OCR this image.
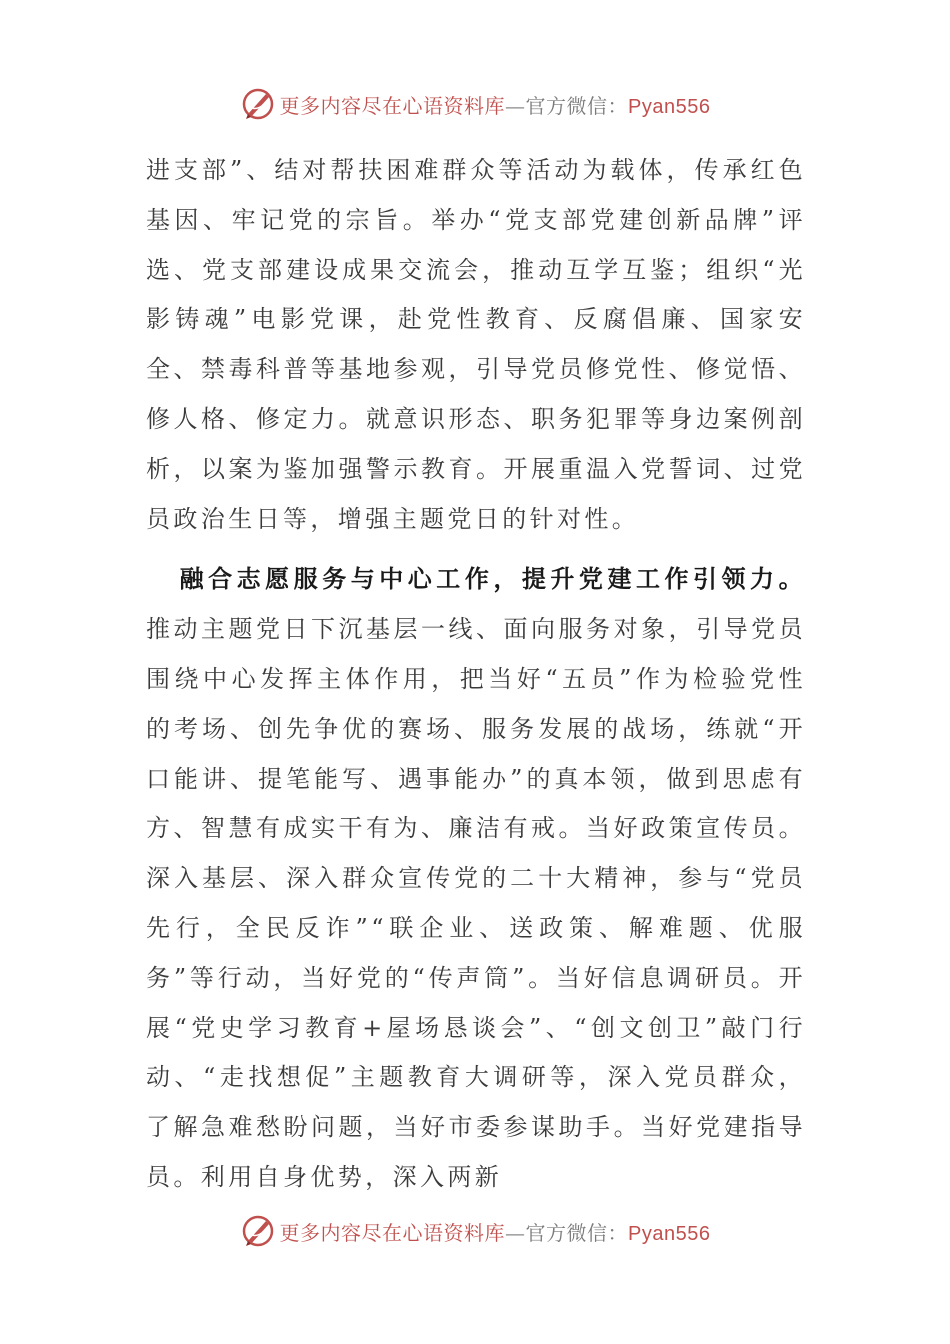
更多内容尽在心语资料库—官方微信：Pyan556

进支部”、结对帮扶困难群众等活动为载体，传承红色基因、牢记党的宗旨。举办“党支部党建创新品牌”评选、党支部建设成果交流会，推动互学互鉴；组织“光影铸魂”电影党课，赴党性教育、反腐倡廉、国家安全、禁毒科普等基地参观，引导党员修党性、修觉悟、修人格、修定力。就意识形态、职务犯罪等身边案例剖析，以案为鉴加强警示教育。开展重温入党誓词、过党员政治生日等，增强主题党日的针对性。

融合志愿服务与中心工作，提升党建工作引领力。推动主题党日下沉基层一线、面向服务对象，引导党员围绕中心发挥主体作用，把当好“五员”作为检验党性的考场、创先争优的赛场、服务发展的战场，练就“开口能讲、提笔能写、遇事能办”的真本领，做到思虑有方、智慧有成实干有为、廉洁有戒。当好政策宣传员。深入基层、深入群众宣传党的二十大精神，参与“党员先行，全民反诈”“联企业、送政策、解难题、优服务”等行动，当好党的“传声筒”。当好信息调研员。开展“党史学习教育+屋场恳谈会”、“创文创卫”敲门行动、“走找想促”主题教育大调研等，深入党员群众，了解急难愁盼问题，当好市委参谋助手。当好党建指导员。利用自身优势，深入两新

更多内容尽在心语资料库—官方微信：Pyan556
